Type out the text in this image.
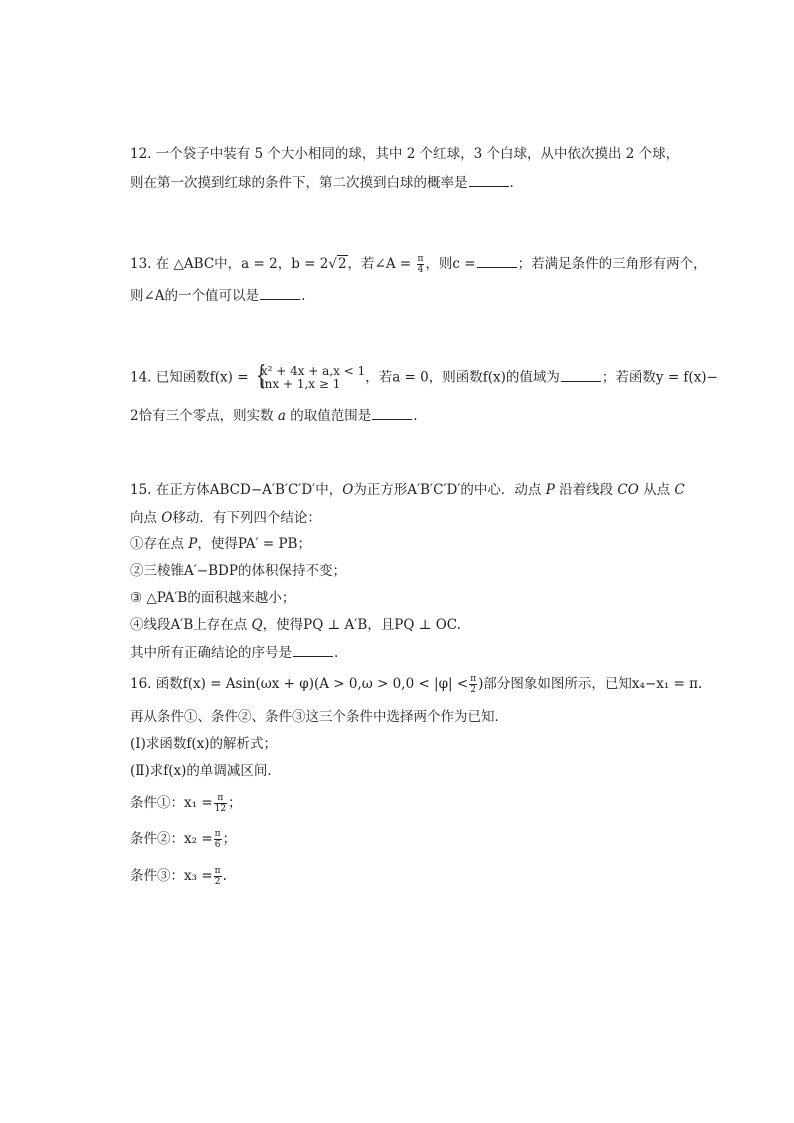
12. 一个袋子中装有 5 个大小相同的球，其中 2 个红球，3 个白球，从中依次摸出 2 个球，
则在第一次摸到红球的条件下，第二次摸到白球的概率是	.
13. 在 △ABC中，a = 2，b = 2√2，若∠A = $\frac{\pi}{4}$ ，则c =	；若满足条件的三角形有两个，
则∠A的一个值可以是	.
14. 已知函数f(x) = {
x² + 4x + a,x < 1
lnx + 1,x ≥ 1	，若a = 0，则函数f(x)的值域为	；若函数y = f(x)−
2恰有三个零点，则实数 a 的取值范围是	.
15. 在正方体ABCD−A′B′C′D′中，O为正方形A′B′C′D′的中心．动点 P 沿着线段 CO 从点 C
向点 O移动．有下列四个结论：
①存在点 P，使得PA′ = PB；
②三棱锥A′−BDP的体积保持不变；
③ △PA′B的面积越来越小；
④线段A′B上存在点 Q，使得PQ ⊥ A′B，且PQ ⊥ OC.
其中所有正确结论的序号是	.
16. 函数$f(x) = Asin(\omega x + \varphi)(A > 0,\omega > 0,0 < |\varphi| < \frac{\pi}{2}$ )部分图象如图所示，已知x₄−x₁ = π.
再从条件①、条件②、条件③这三个条件中选择两个作为已知．
(Ⅰ)求函数f(x)的解析式；
(Ⅱ)求f(x)的单调减区间．
条件①：$x_1 = \frac{\pi}{12}$ ；
条件②：$x_2 = \frac{\pi}{6}$ ；
条件③：$x_3 = \frac{\pi}{2}$ .
